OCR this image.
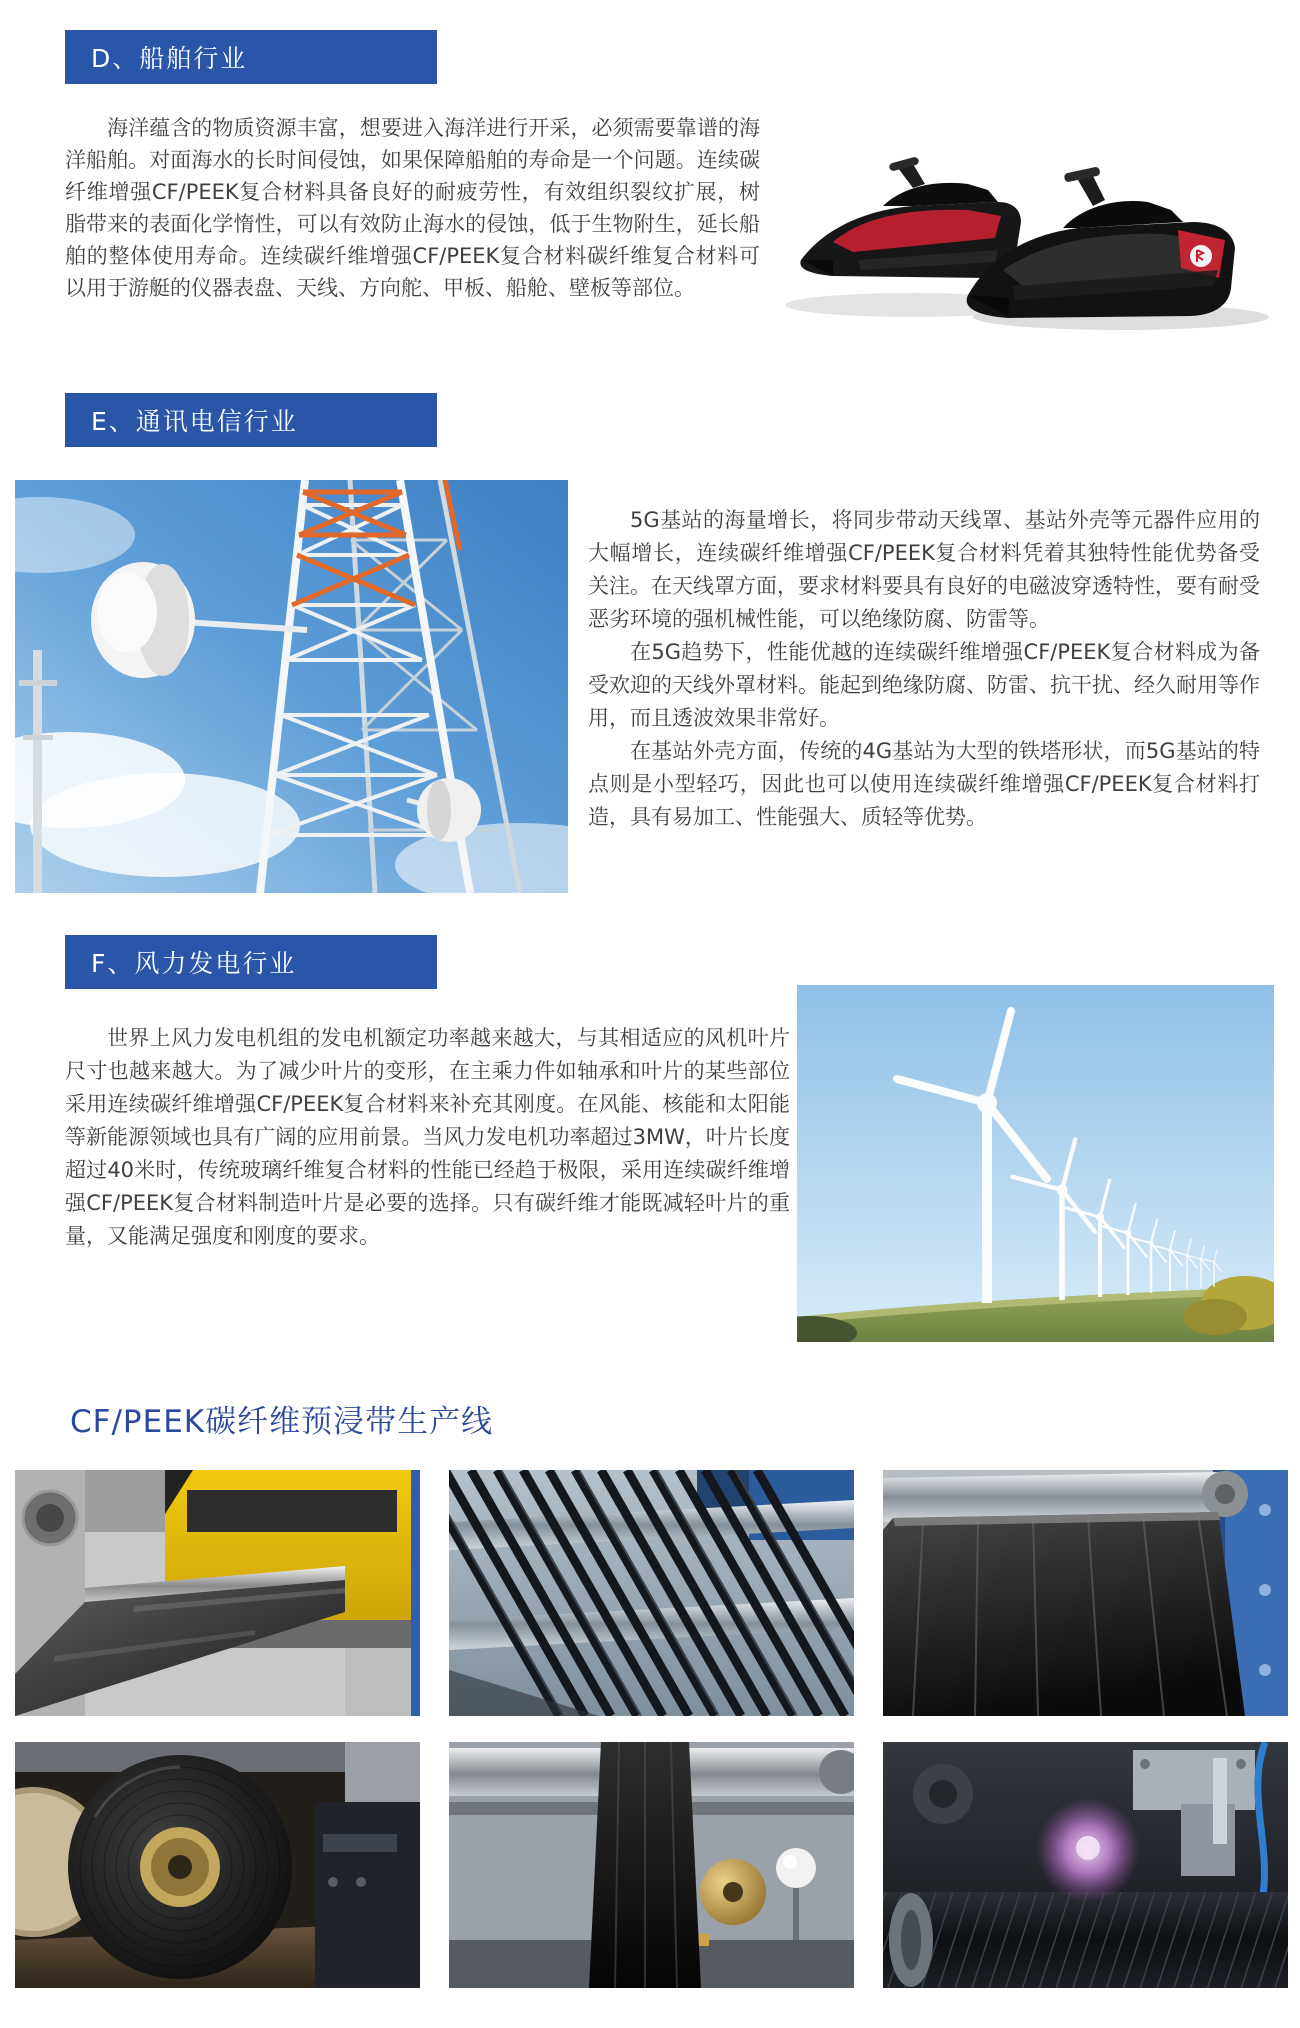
D、船舶行业

海洋蕴含的物质资源丰富，想要进入海洋进行开采，必须需要靠谱的海洋船舶。对面海水的长时间侵蚀，如果保障船舶的寿命是一个问题。连续碳纤维增强CF/PEEK复合材料具备良好的耐疲劳性，有效组织裂纹扩展，树脂带来的表面化学惰性，可以有效防止海水的侵蚀，低于生物附生，延长船舶的整体使用寿命。连续碳纤维增强CF/PEEK复合材料碳纤维复合材料可以用于游艇的仪器表盘、天线、方向舵、甲板、船舱、壁板等部位。

E、通讯电信行业

5G基站的海量增长，将同步带动天线罩、基站外壳等元器件应用的大幅增长，连续碳纤维增强CF/PEEK复合材料凭着其独特性能优势备受关注。在天线罩方面，要求材料要具有良好的电磁波穿透特性，要有耐受恶劣环境的强机械性能，可以绝缘防腐、防雷等。

在5G趋势下，性能优越的连续碳纤维增强CF/PEEK复合材料成为备受欢迎的天线外罩材料。能起到绝缘防腐、防雷、抗干扰、经久耐用等作用，而且透波效果非常好。

在基站外壳方面，传统的4G基站为大型的铁塔形状，而5G基站的特点则是小型轻巧，因此也可以使用连续碳纤维增强CF/PEEK复合材料打造，具有易加工、性能强大、质轻等优势。

F、风力发电行业

世界上风力发电机组的发电机额定功率越来越大，与其相适应的风机叶片尺寸也越来越大。为了减少叶片的变形，在主乘力件如轴承和叶片的某些部位采用连续碳纤维增强CF/PEEK复合材料来补充其刚度。在风能、核能和太阳能等新能源领域也具有广阔的应用前景。当风力发电机功率超过3MW，叶片长度超过40米时，传统玻璃纤维复合材料的性能已经趋于极限，采用连续碳纤维增强CF/PEEK复合材料制造叶片是必要的选择。只有碳纤维才能既减轻叶片的重量，又能满足强度和刚度的要求。

CF/PEEK碳纤维预浸带生产线
